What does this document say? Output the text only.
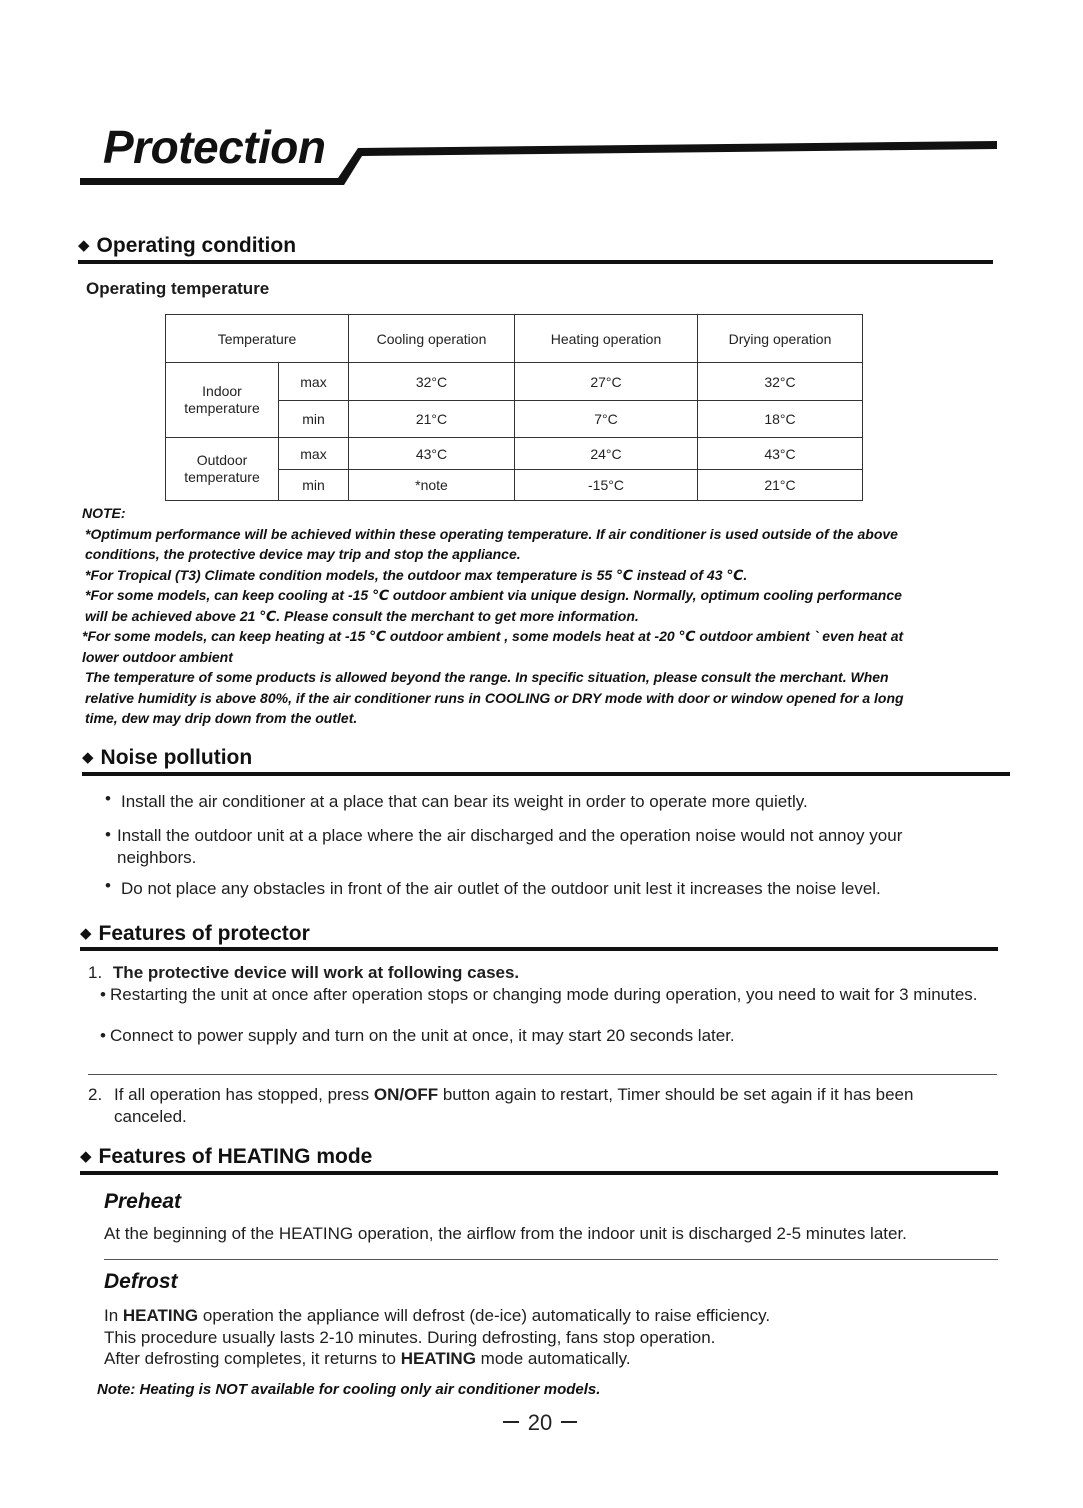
Protection
◆ Operating condition
Operating temperature
Temperature		Cooling operation	Heating operation	Drying operation
Indoor temperature	max	32°C	27°C	32°C
	min	21°C	7°C	18°C
Outdoor temperature	max	43°C	24°C	43°C
	min	*note	-15°C	21°C

NOTE:

*Optimum performance will be achieved within these operating temperature. If air conditioner is used outside of the above conditions, the protective device may trip and stop the appliance.

*For Tropical (T3) Climate condition models, the outdoor max temperature is 55 ℃ instead of 43 ℃.

*For some models, can keep cooling at -15 ℃ outdoor ambient via unique design. Normally, optimum cooling performance will be achieved above 21 ℃. Please consult the merchant to get more information.

*For some models, can keep heating at -15 ℃ outdoor ambient , some models heat at -20 ℃ outdoor ambient ` even heat at lower outdoor ambient

The temperature of some products is allowed beyond the range. In specific situation, please consult the merchant. When relative humidity is above 80%, if the air conditioner runs in COOLING or DRY mode with door or window opened for a long time, dew may drip down from the outlet.

◆ Noise pollution
• Install the air conditioner at a place that can bear its weight in order to operate more quietly.
• Install the outdoor unit at a place where the air discharged and the operation noise would not annoy your neighbors.
• Do not place any obstacles in front of the air outlet of the outdoor unit lest it increases the noise level.
◆ Features of protector
1. The protective device will work at following cases.
• Restarting the unit at once after operation stops or changing mode during operation, you need to wait for 3 minutes.
• Connect to power supply and turn on the unit at once, it may start 20 seconds later.
2. If all operation has stopped, press ON/OFF button again to restart, Timer should be set again if it has been canceled.
◆ Features of HEATING mode
Preheat
At the beginning of the HEATING operation, the airflow from the indoor unit is discharged 2-5 minutes later.
Defrost
In HEATING operation the appliance will defrost (de-ice) automatically to raise efficiency.
This procedure usually lasts 2-10 minutes. During defrosting, fans stop operation.
After defrosting completes, it returns to HEATING mode automatically.
Note: Heating is NOT available for cooling only air conditioner models.
20
